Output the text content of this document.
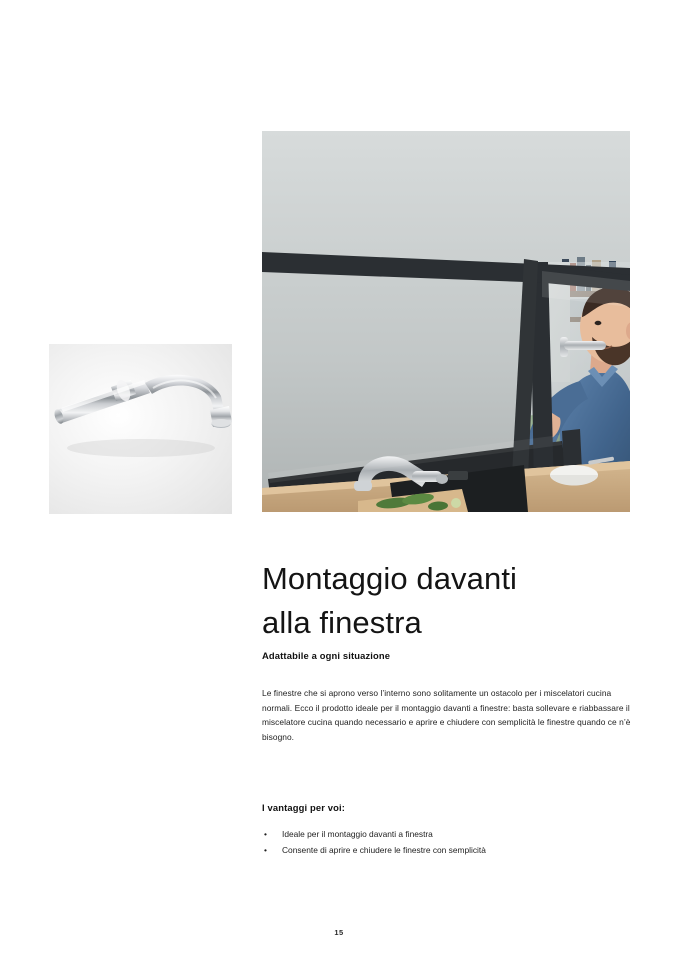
Montaggio davanti
alla finestra
Adattabile a ogni situazione

Le finestre che si aprono verso l’interno sono solitamente un ostacolo per i miscelatori cucina normali. Ecco il prodotto ideale per il montaggio davanti a finestre: basta sollevare e riabbassare il miscelatore cucina quando necessario e aprire e chiudere con semplicità le finestre quando ce n’è bisogno.

I vantaggi per voi:
• Ideale per il montaggio davanti a finestra
• Consente di aprire e chiudere le finestre con semplicità
15
